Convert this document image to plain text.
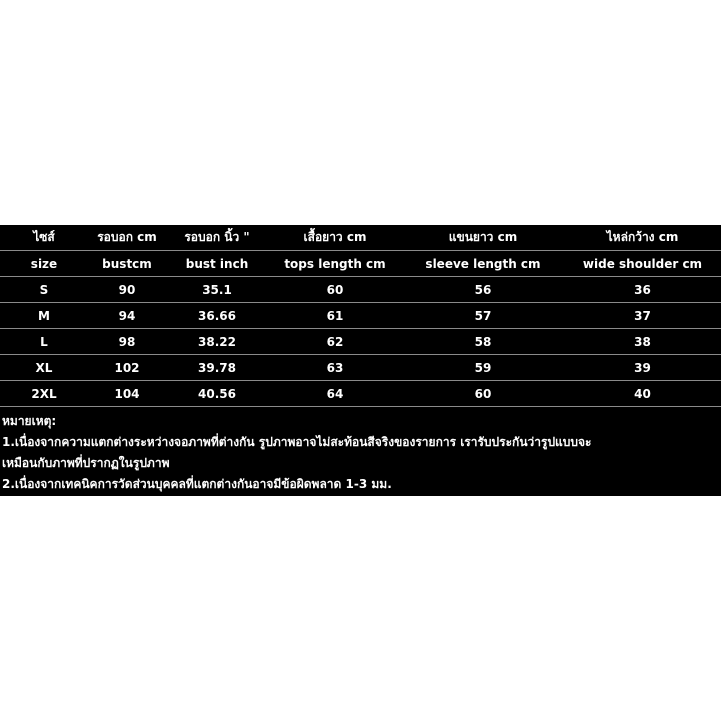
ไซส์	รอบอก cm	รอบอก นิ้ว "	เสื้อยาว cm	แขนยาว cm	ไหล่กว้าง cm
size	bustcm	bust inch	tops length cm	sleeve length cm	wide shoulder cm
S	90	35.1	60	56	36
M	94	36.66	61	57	37
L	98	38.22	62	58	38
XL	102	39.78	63	59	39
2XL	104	40.56	64	60	40
หมายเหตุ:
1.เนื่องจากความแตกต่างระหว่างจอภาพที่ต่างกัน รูปภาพอาจไม่สะท้อนสีจริงของรายการ เรารับประกันว่ารูปแบบจะ
เหมือนกับภาพที่ปรากฏในรูปภาพ
2.เนื่องจากเทคนิคการวัดส่วนบุคคลที่แตกต่างกันอาจมีข้อผิดพลาด 1-3 มม.
